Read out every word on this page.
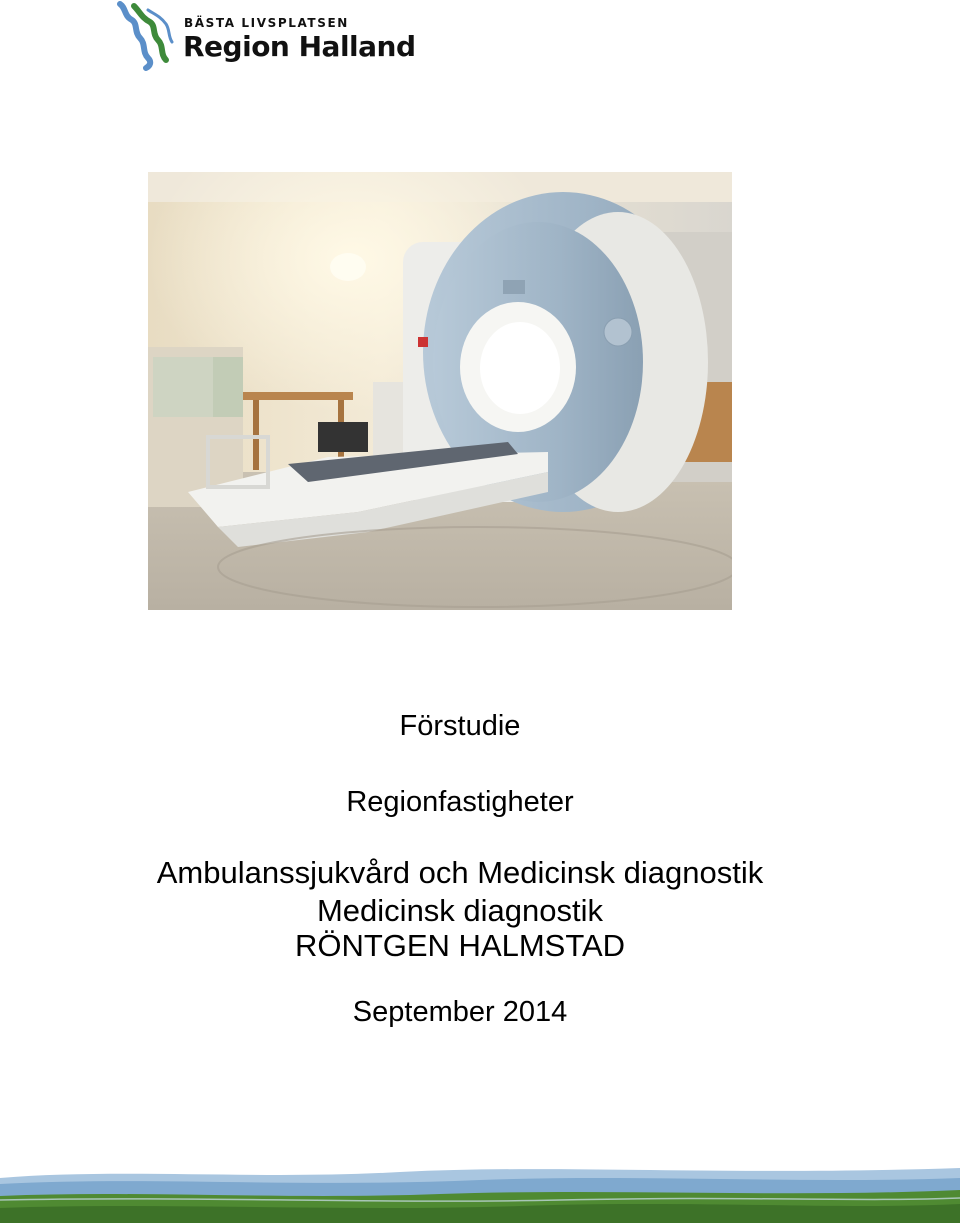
BÄSTA LIVSPLATSEN
Region Halland
Förstudie
Regionfastigheter
Ambulanssjukvård och Medicinsk diagnostik
Medicinsk diagnostik
RÖNTGEN HALMSTAD
September 2014
